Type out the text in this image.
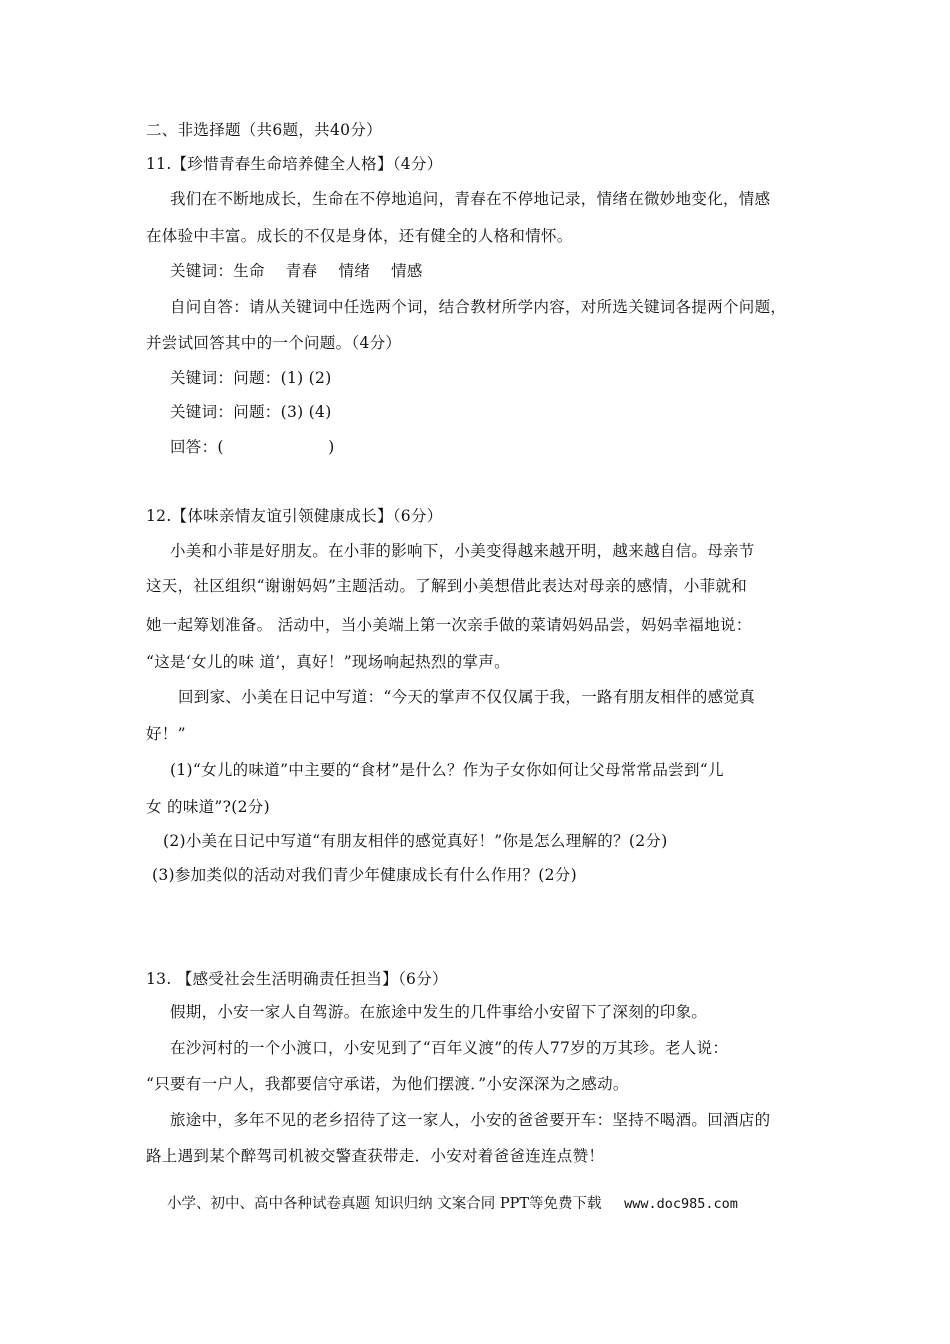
二、非选择题（共6题，共40分）
11.【珍惜青春生命培养健全人格】（4分）
我们在不断地成长，生命在不停地追问，青春在不停地记录，情绪在微妙地变化，情感
在体验中丰富。成长的不仅是身体，还有健全的人格和情怀。
关键词：生命　 青春　 情绪　 情感
自问自答：请从关键词中任选两个词，结合教材所学内容，对所选关键词各提两个问题，
并尝试回答其中的一个问题。（4分）
关键词：问题：(1) (2)
关键词：问题：(3) (4)
回答：(                    )
12.【体味亲情友谊引领健康成长】（6分）
小美和小菲是好朋友。在小菲的影响下，小美变得越来越开明，越来越自信。母亲节
这天，社区组织“谢谢妈妈”主题活动。了解到小美想借此表达对母亲的感情，小菲就和
她一起筹划准备。 活动中，当小美端上第一次亲手做的菜请妈妈品尝，妈妈幸福地说：
“这是‘女儿的味 道’，真好！”现场响起热烈的掌声。
回到家、小美在日记中写道：“今天的掌声不仅仅属于我，一路有朋友相伴的感觉真
好！”
(1)“女儿的味道”中主要的“食材”是什么？作为子女你如何让父母常常品尝到“儿
女 的味道”?(2分)
(2)小美在日记中写道“有朋友相伴的感觉真好！”你是怎么理解的？(2分)
(3)参加类似的活动对我们青少年健康成长有什么作用？(2分)
13. 【感受社会生活明确责任担当】（6分）
假期，小安一家人自驾游。在旅途中发生的几件事给小安留下了深刻的印象。
在沙河村的一个小渡口，小安见到了“百年义渡”的传人77岁的万其珍。老人说：
“只要有一户人，我都要信守承诺，为他们摆渡．”小安深深为之感动。
旅途中，多年不见的老乡招待了这一家人，小安的爸爸要开车：坚持不喝酒。回酒店的
路上遇到某个醉驾司机被交警查获带走．小安对着爸爸连连点赞！
小学、初中、高中各种试卷真题 知识归纳 文案合同 PPT等免费下载 www.doc985.com
